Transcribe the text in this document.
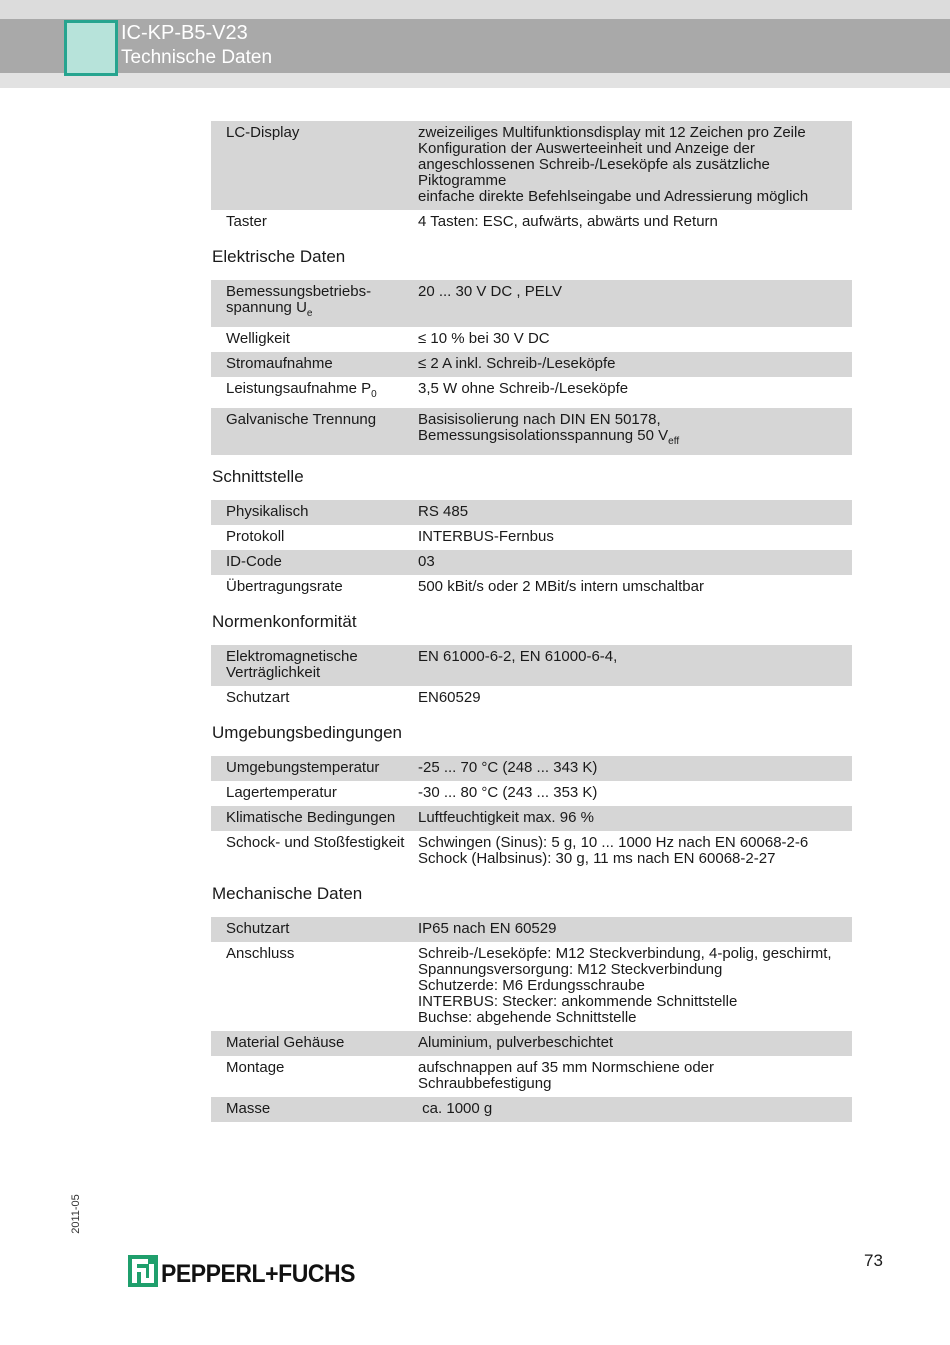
IC-KP-B5-V23
Technische Daten
LC-Display	zweizeiliges Multifunktionsdisplay mit 12 Zeichen pro Zeile
Konfiguration der Auswerteeinheit und Anzeige der angeschlossenen Schreib-/Leseköpfe als zusätzliche Piktogramme
einfache direkte Befehlseingabe und Adressierung möglich

Taster	4 Tasten: ESC, aufwärts, abwärts und Return
Elektrische Daten
Bemessungsbetriebs-spannung $U_e$	20 ... 30 V DC , PELV

Welligkeit	≤ 10 % bei 30 V DC

Stromaufnahme	≤ 2 A inkl. Schreib-/Leseköpfe

Leistungsaufnahme $P_0$	3,5 W ohne Schreib-/Leseköpfe

Galvanische Trennung	Basisisolierung nach DIN EN 50178,
Bemessungsisolationsspannung 50 $V_{eff}$
Schnittstelle
Physikalisch	RS 485

Protokoll	INTERBUS-Fernbus

ID-Code	03

Übertragungsrate	500 kBit/s oder 2 MBit/s intern umschaltbar
Normenkonformität
Elektromagnetische Verträglichkeit	EN 61000-6-2, EN 61000-6-4,

Schutzart	EN60529
Umgebungsbedingungen
Umgebungstemperatur	-25 ... 70 °C (248 ... 343 K)

Lagertemperatur	-30 ... 80 °C (243 ... 353 K)

Klimatische Bedingungen	Luftfeuchtigkeit max. 96 %

Schock- und Stoßfestigkeit	Schwingen (Sinus): 5 g, 10 ... 1000 Hz nach EN 60068-2-6
Schock (Halbsinus): 30 g, 11 ms nach EN 60068-2-27
Mechanische Daten
Schutzart	IP65 nach EN 60529

Anschluss	Schreib-/Leseköpfe: M12 Steckverbindung, 4-polig, geschirmt,
Spannungsversorgung: M12 Steckverbindung
Schutzerde: M6 Erdungsschraube
INTERBUS: Stecker: ankommende Schnittstelle
Buchse: abgehende Schnittstelle

Material Gehäuse	Aluminium, pulverbeschichtet

Montage	aufschnappen auf 35 mm Normschiene oder Schraubbefestigung

Masse	ca. 1000 g
2011-05
PEPPERL+FUCHS	73
